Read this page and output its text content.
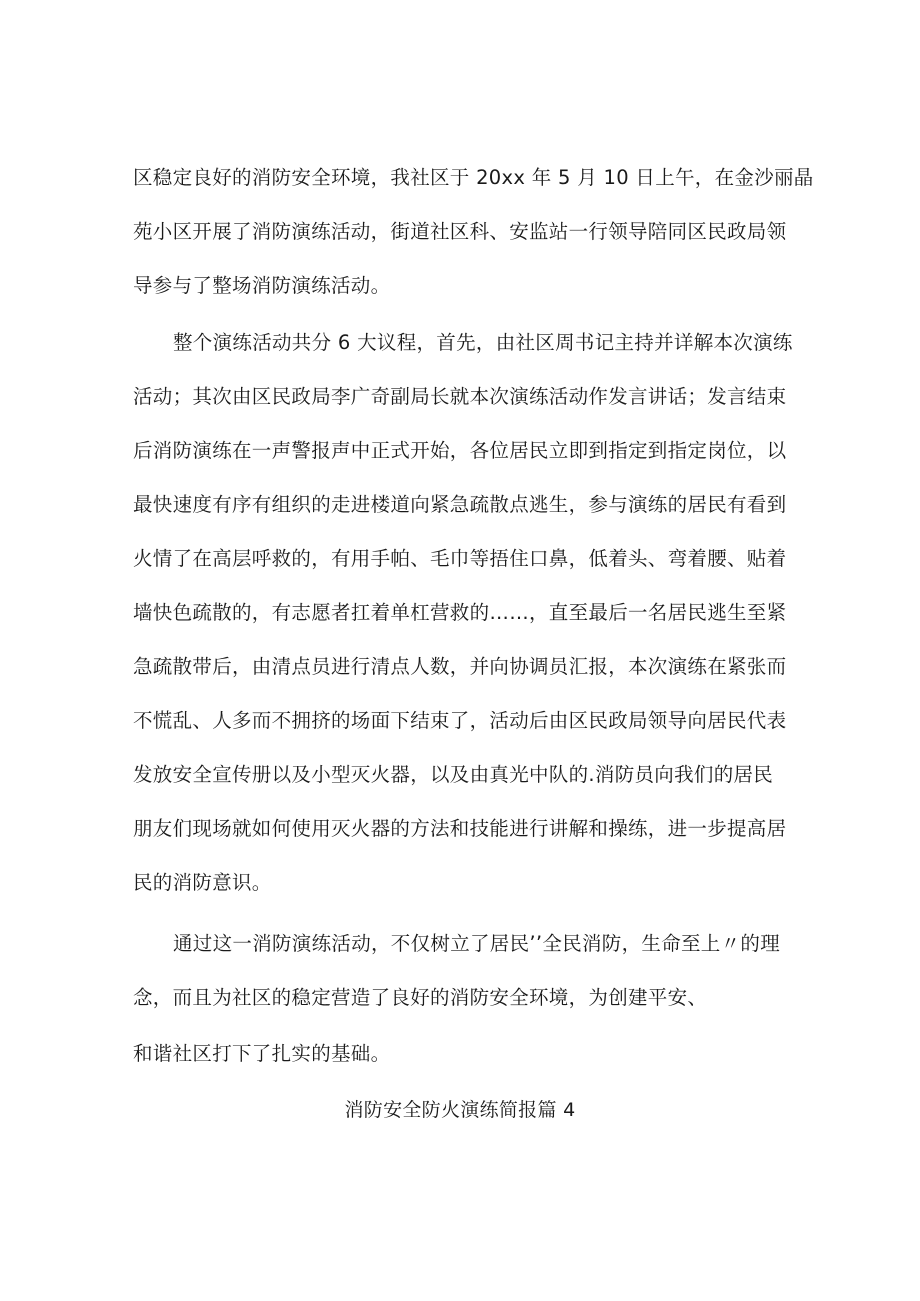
区稳定良好的消防安全环境，我社区于 20xx 年 5 月 10 日上午，在金沙丽晶
苑小区开展了消防演练活动，街道社区科、安监站一行领导陪同区民政局领
导参与了整场消防演练活动。
整个演练活动共分 6 大议程，首先，由社区周书记主持并详解本次演练
活动；其次由区民政局李广奇副局长就本次演练活动作发言讲话；发言结束
后消防演练在一声警报声中正式开始，各位居民立即到指定到指定岗位，以
最快速度有序有组织的走进楼道向紧急疏散点逃生，参与演练的居民有看到
火情了在高层呼救的，有用手帕、毛巾等捂住口鼻，低着头、弯着腰、贴着
墙快色疏散的，有志愿者扛着单杠营救的……，直至最后一名居民逃生至紧
急疏散带后，由清点员进行清点人数，并向协调员汇报，本次演练在紧张而
不慌乱、人多而不拥挤的场面下结束了，活动后由区民政局领导向居民代表
发放安全宣传册以及小型灭火器，以及由真光中队的.消防员向我们的居民
朋友们现场就如何使用灭火器的方法和技能进行讲解和操练，进一步提高居
民的消防意识。
通过这一消防演练活动，不仅树立了居民’’全民消防，生命至上〃的理
念，而且为社区的稳定营造了良好的消防安全环境，为创建平安、
和谐社区打下了扎实的基础。
消防安全防火演练简报篇 4
